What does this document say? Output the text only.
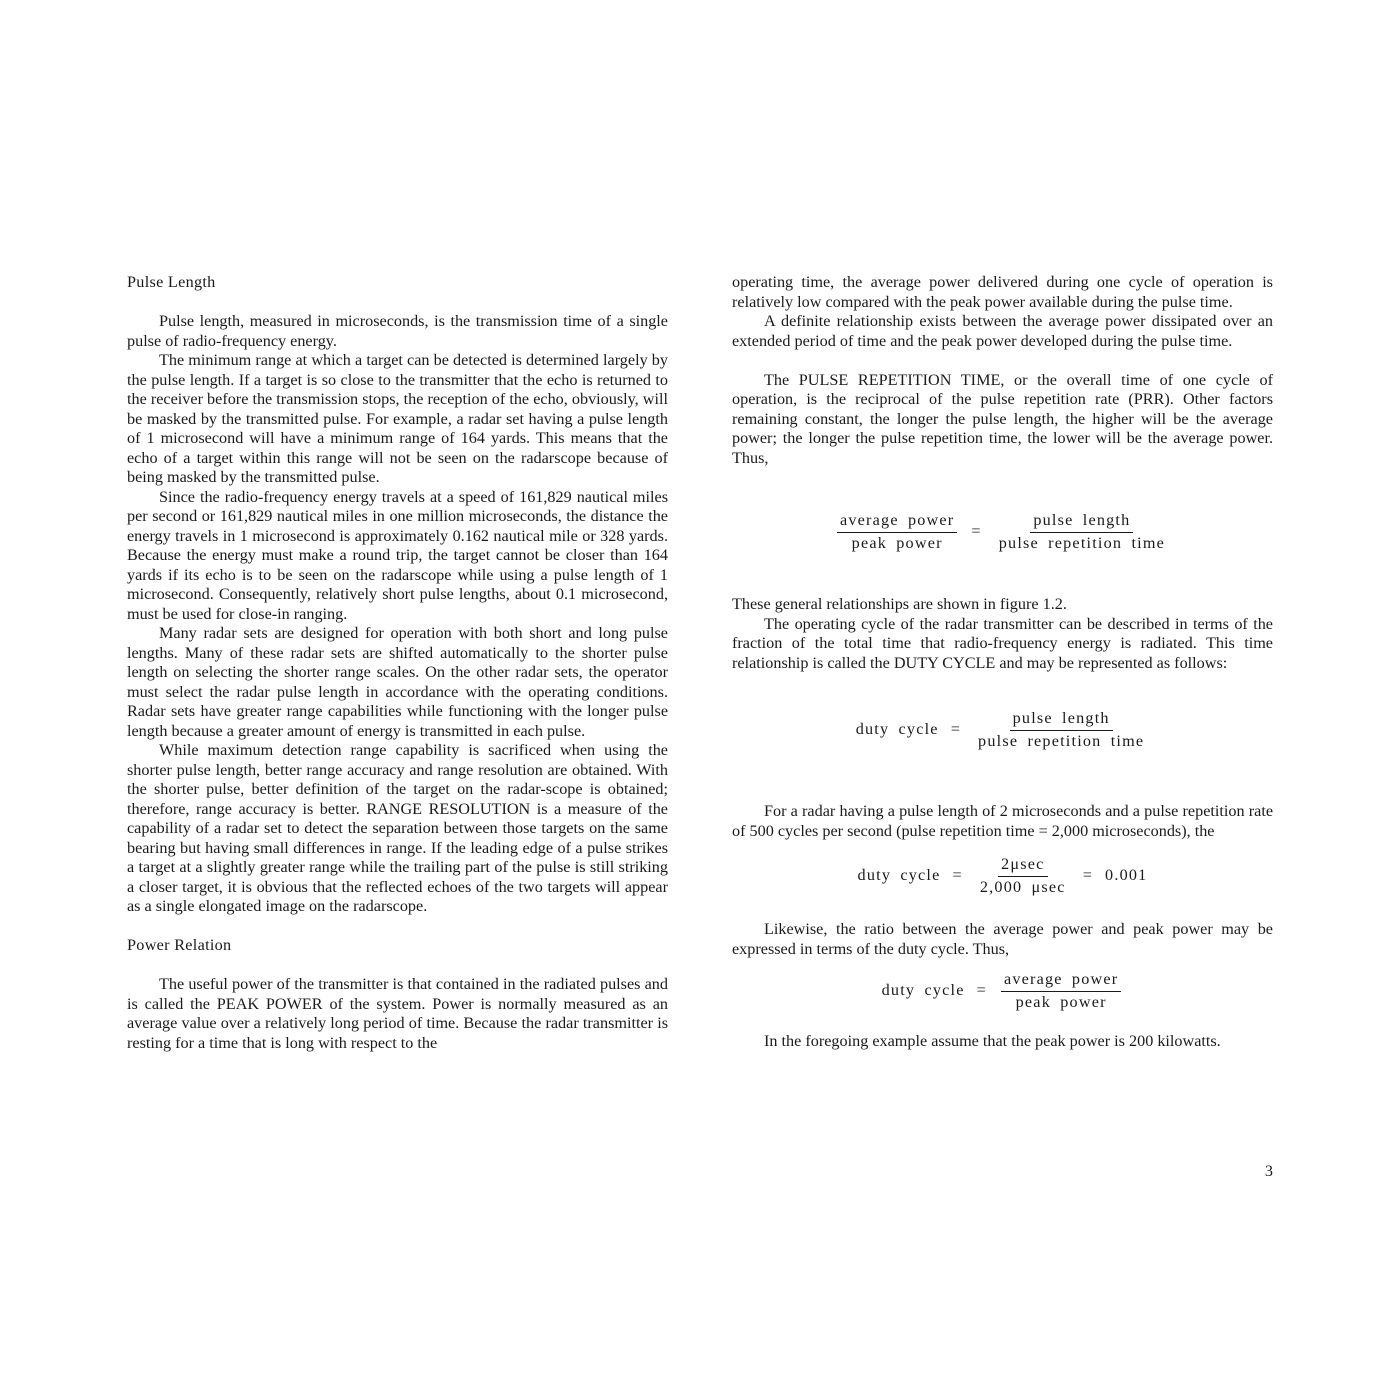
Pulse Length

Pulse length, measured in microseconds, is the transmission time of a single pulse of radio-frequency energy.

The minimum range at which a target can be detected is determined largely by the pulse length. If a target is so close to the transmitter that the echo is returned to the receiver before the transmission stops, the reception of the echo, obviously, will be masked by the transmitted pulse. For example, a radar set having a pulse length of 1 microsecond will have a minimum range of 164 yards. This means that the echo of a target within this range will not be seen on the radarscope because of being masked by the transmitted pulse.

Since the radio-frequency energy travels at a speed of 161,829 nautical miles per second or 161,829 nautical miles in one million microseconds, the distance the energy travels in 1 microsecond is approximately 0.162 nautical mile or 328 yards. Because the energy must make a round trip, the target cannot be closer than 164 yards if its echo is to be seen on the radarscope while using a pulse length of 1 microsecond. Consequently, relatively short pulse lengths, about 0.1 microsecond, must be used for close-in ranging.

Many radar sets are designed for operation with both short and long pulse lengths. Many of these radar sets are shifted automatically to the shorter pulse length on selecting the shorter range scales. On the other radar sets, the operator must select the radar pulse length in accordance with the operating conditions. Radar sets have greater range capabilities while functioning with the longer pulse length because a greater amount of energy is transmitted in each pulse.

While maximum detection range capability is sacrificed when using the shorter pulse length, better range accuracy and range resolution are obtained. With the shorter pulse, better definition of the target on the radar-scope is obtained; therefore, range accuracy is better. RANGE RESOLUTION is a measure of the capability of a radar set to detect the separation between those targets on the same bearing but having small differences in range. If the leading edge of a pulse strikes a target at a slightly greater range while the trailing part of the pulse is still striking a closer target, it is obvious that the reflected echoes of the two targets will appear as a single elongated image on the radarscope.

Power Relation

The useful power of the transmitter is that contained in the radiated pulses and is called the PEAK POWER of the system. Power is normally measured as an average value over a relatively long period of time. Because the radar transmitter is resting for a time that is long with respect to the

operating time, the average power delivered during one cycle of operation is relatively low compared with the peak power available during the pulse time.

A definite relationship exists between the average power dissipated over an extended period of time and the peak power developed during the pulse time.

The PULSE REPETITION TIME, or the overall time of one cycle of operation, is the reciprocal of the pulse repetition rate (PRR). Other factors remaining constant, the longer the pulse length, the higher will be the average power; the longer the pulse repetition time, the lower will be the average power. Thus,

$\frac{\text{average power}}{\text{peak power}} = \frac{\text{pulse length}}{\text{pulse repetition time}}$

These general relationships are shown in figure 1.2.

The operating cycle of the radar transmitter can be described in terms of the fraction of the total time that radio-frequency energy is radiated. This time relationship is called the DUTY CYCLE and may be represented as follows:

duty cycle = $\frac{\text{pulse length}}{\text{pulse repetition time}}$

For a radar having a pulse length of 2 microseconds and a pulse repetition rate of 500 cycles per second (pulse repetition time = 2,000 microseconds), the

duty cycle = $\frac{2\mu\sec}{2,000 \mu\sec} = 0.001$

Likewise, the ratio between the average power and peak power may be expressed in terms of the duty cycle. Thus,

duty cycle = $\frac{\text{average power}}{\text{peak power}}$

In the foregoing example assume that the peak power is 200 kilowatts.

3
